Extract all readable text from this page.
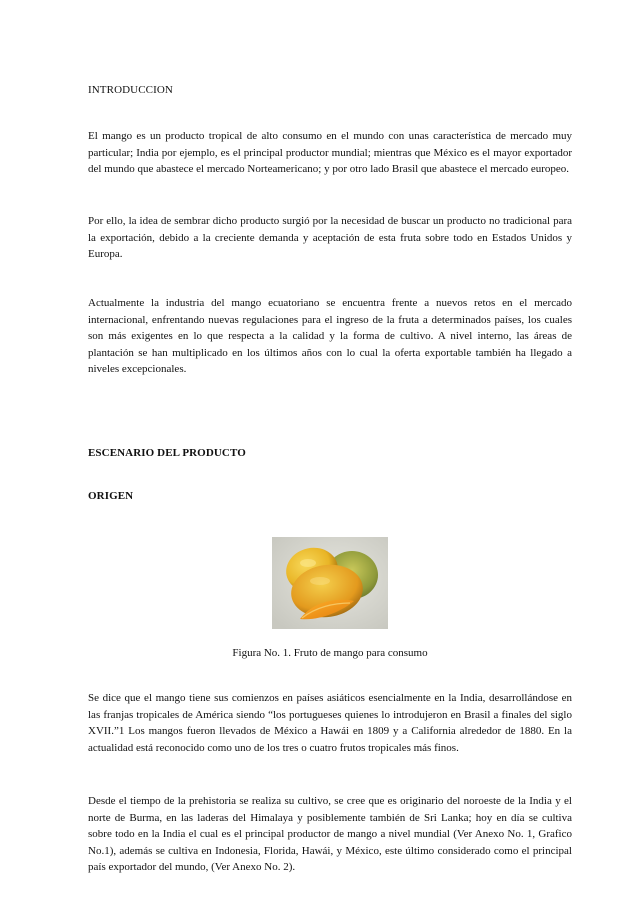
INTRODUCCION

El mango es un producto tropical de alto consumo en el mundo con unas característica de mercado muy particular; India por ejemplo, es el principal productor mundial; mientras que México es el mayor exportador del mundo que abastece el mercado Norteamericano; y por otro lado Brasil que abastece el mercado europeo.

Por ello, la idea de sembrar dicho producto surgió por la necesidad de buscar un producto no tradicional para la exportación, debido a la creciente demanda y aceptación de esta fruta sobre todo en Estados Unidos y Europa.

Actualmente la industria del mango ecuatoriano se encuentra frente a nuevos retos en el mercado internacional, enfrentando nuevas regulaciones para el ingreso de la fruta a determinados países, los cuales son más exigentes en lo que respecta a la calidad y la forma de cultivo. A nivel interno, las áreas de plantación se han multiplicado en los últimos años con lo cual la oferta exportable también ha llegado a niveles excepcionales.

ESCENARIO DEL PRODUCTO

ORIGEN

Figura No. 1. Fruto de mango para consumo

Se dice que el mango tiene sus comienzos en países asiáticos esencialmente en la India, desarrollándose en las franjas tropicales de América siendo “los portugueses quienes lo introdujeron en Brasil a finales del siglo XVII.”1 Los mangos fueron llevados de México a Hawái en 1809 y a California alrededor de 1880. En la actualidad está reconocido como uno de los tres o cuatro frutos tropicales más finos.

Desde el tiempo de la prehistoria se realiza su cultivo, se cree que es originario del noroeste de la India y el norte de Burma, en las laderas del Himalaya y posiblemente también de Sri Lanka; hoy en día se cultiva sobre todo en la India el cual es el principal productor de mango a nivel mundial (Ver Anexo No. 1, Grafico No.1), además se cultiva en Indonesia, Florida, Hawái, y México, este último considerado como el principal país exportador del mundo, (Ver Anexo No. 2).
